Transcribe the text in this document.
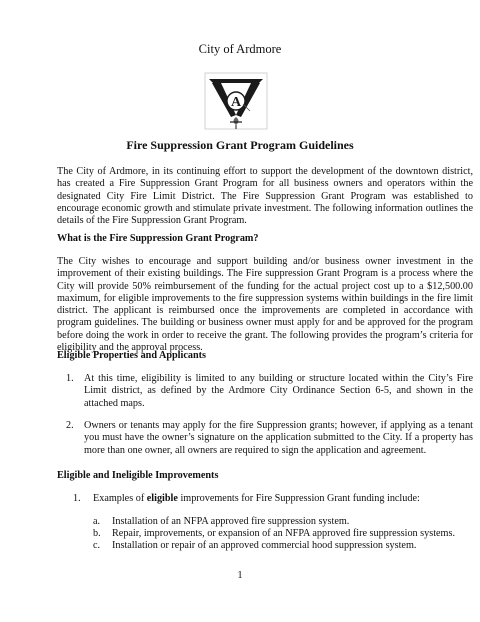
City of Ardmore
A
Fire Suppression Grant Program Guidelines
The City of Ardmore, in its continuing effort to support the development of the downtown district, has created a Fire Suppression Grant Program for all business owners and operators within the designated City Fire Limit District. The Fire Suppression Grant Program was established to encourage economic growth and stimulate private investment. The following information outlines the details of the Fire Suppression Grant Program.
What is the Fire Suppression Grant Program?
The City wishes to encourage and support building and/or business owner investment in the improvement of their existing buildings. The Fire suppression Grant Program is a process where the City will provide 50% reimbursement of the funding for the actual project cost up to a $12,500.00 maximum, for eligible improvements to the fire suppression systems within buildings in the fire limit district. The applicant is reimbursed once the improvements are completed in accordance with program guidelines. The building or business owner must apply for and be approved for the program before doing the work in order to receive the grant. The following provides the program’s criteria for eligibility and the approval process.
Eligible Properties and Applicants
1. At this time, eligibility is limited to any building or structure located within the City’s Fire Limit district, as defined by the Ardmore City Ordinance Section 6-5, and shown in the attached maps.
2. Owners or tenants may apply for the fire Suppression grants; however, if applying as a tenant you must have the owner’s signature on the application submitted to the City. If a property has more than one owner, all owners are required to sign the application and agreement.
Eligible and Ineligible Improvements
1. Examples of eligible improvements for Fire Suppression Grant funding include:
a. Installation of an NFPA approved fire suppression system.
b. Repair, improvements, or expansion of an NFPA approved fire suppression systems.
c. Installation or repair of an approved commercial hood suppression system.
1
